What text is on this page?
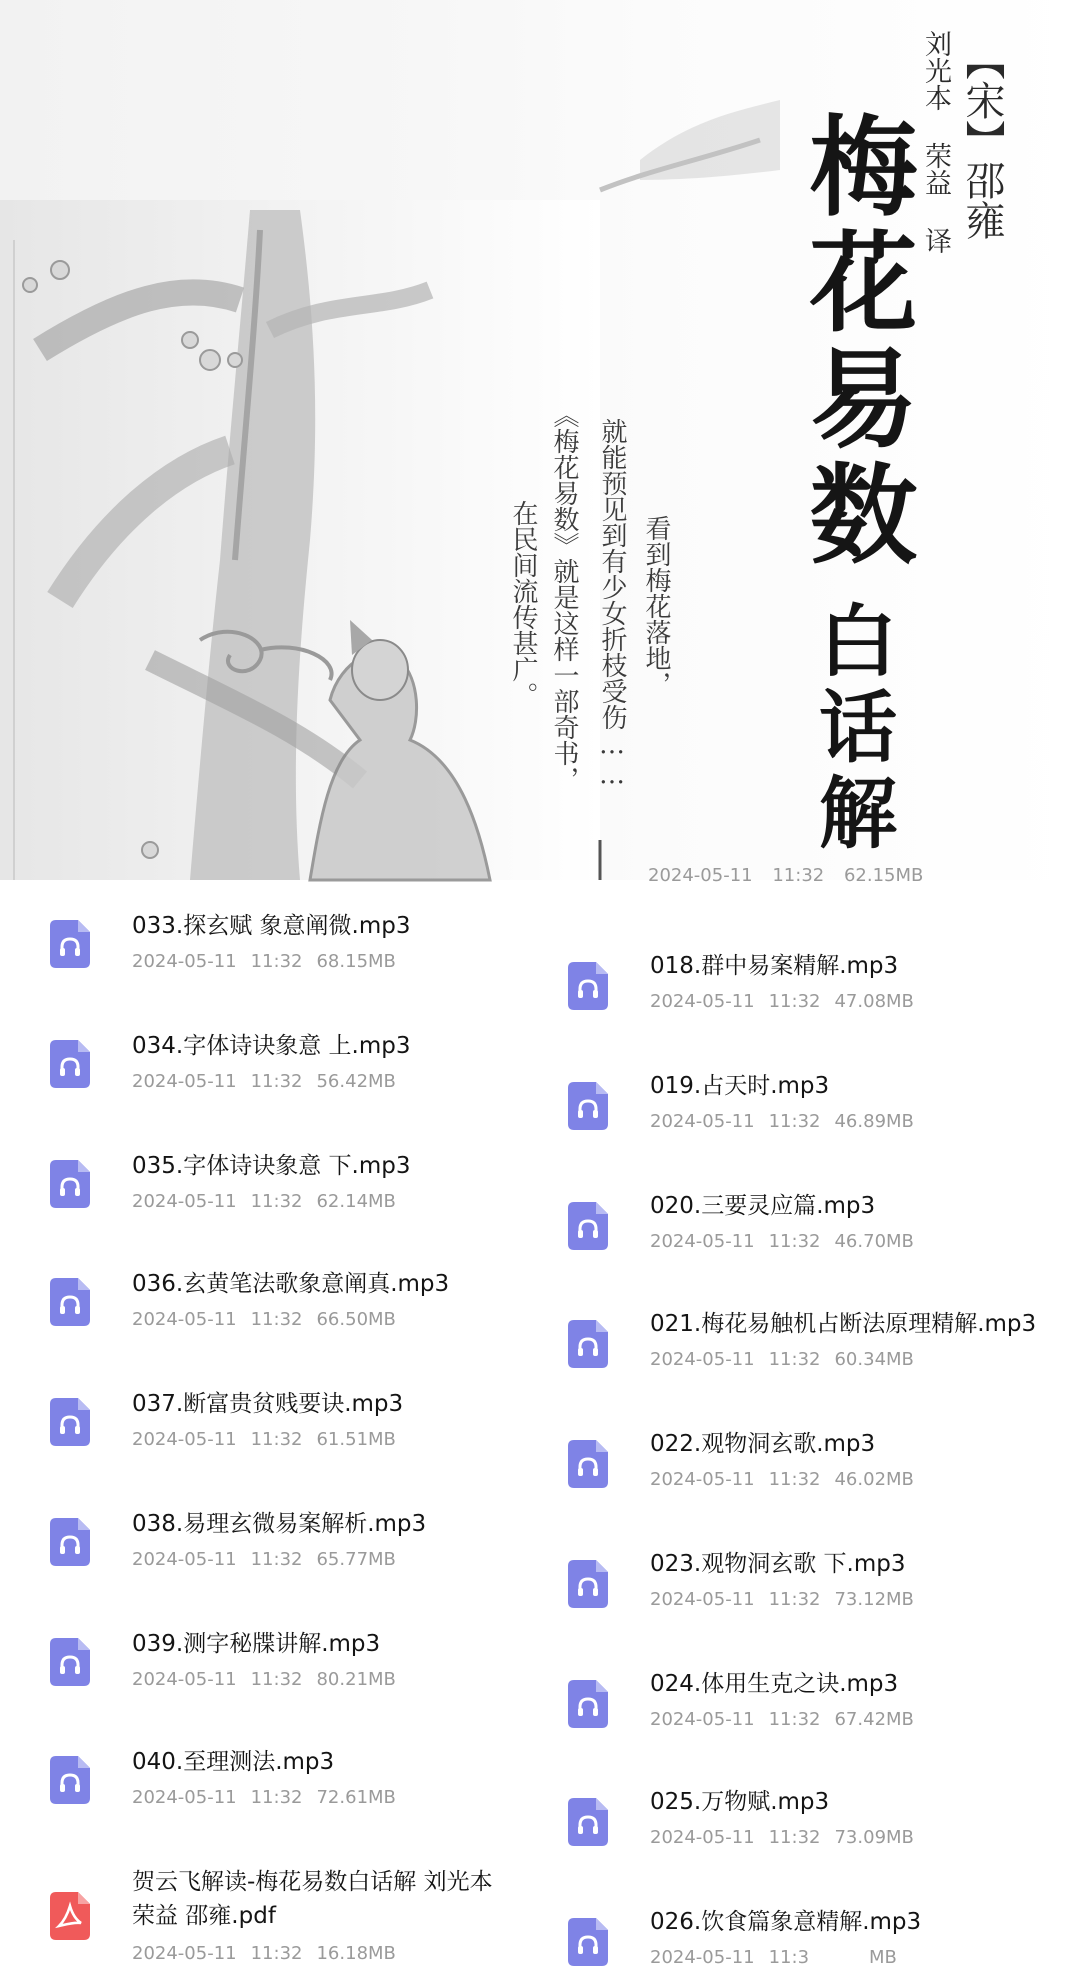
【宋】邵雍
刘光本 荣益 译
梅花易数
白话解
看到梅花落地，
就能预见到有少女折枝受伤……
《梅花易数》就是这样一部奇书，
在民间流传甚广。
2024-05-11 11:32 62.15MB
033.探玄赋 象意阐微.mp3
2024-05-11 11:32 68.15MB
034.字体诗诀象意 上.mp3
2024-05-11 11:32 56.42MB
035.字体诗诀象意 下.mp3
2024-05-11 11:32 62.14MB
036.玄黄笔法歌象意阐真.mp3
2024-05-11 11:32 66.50MB
037.断富贵贫贱要诀.mp3
2024-05-11 11:32 61.51MB
038.易理玄微易案解析.mp3
2024-05-11 11:32 65.77MB
039.测字秘牒讲解.mp3
2024-05-11 11:32 80.21MB
040.至理测法.mp3
2024-05-11 11:32 72.61MB
贺云飞解读-梅花易数白话解 刘光本
荣益 邵雍.pdf
2024-05-11 11:32 16.18MB
018.群中易案精解.mp3
2024-05-11 11:32 47.08MB
019.占天时.mp3
2024-05-11 11:32 46.89MB
020.三要灵应篇.mp3
2024-05-11 11:32 46.70MB
021.梅花易触机占断法原理精解.mp3
2024-05-11 11:32 60.34MB
022.观物洞玄歌.mp3
2024-05-11 11:32 46.02MB
023.观物洞玄歌 下.mp3
2024-05-11 11:32 73.12MB
024.体用生克之诀.mp3
2024-05-11 11:32 67.42MB
025.万物赋.mp3
2024-05-11 11:32 73.09MB
026.饮食篇象意精解.mp3
2024-05-11 11:3	MB
